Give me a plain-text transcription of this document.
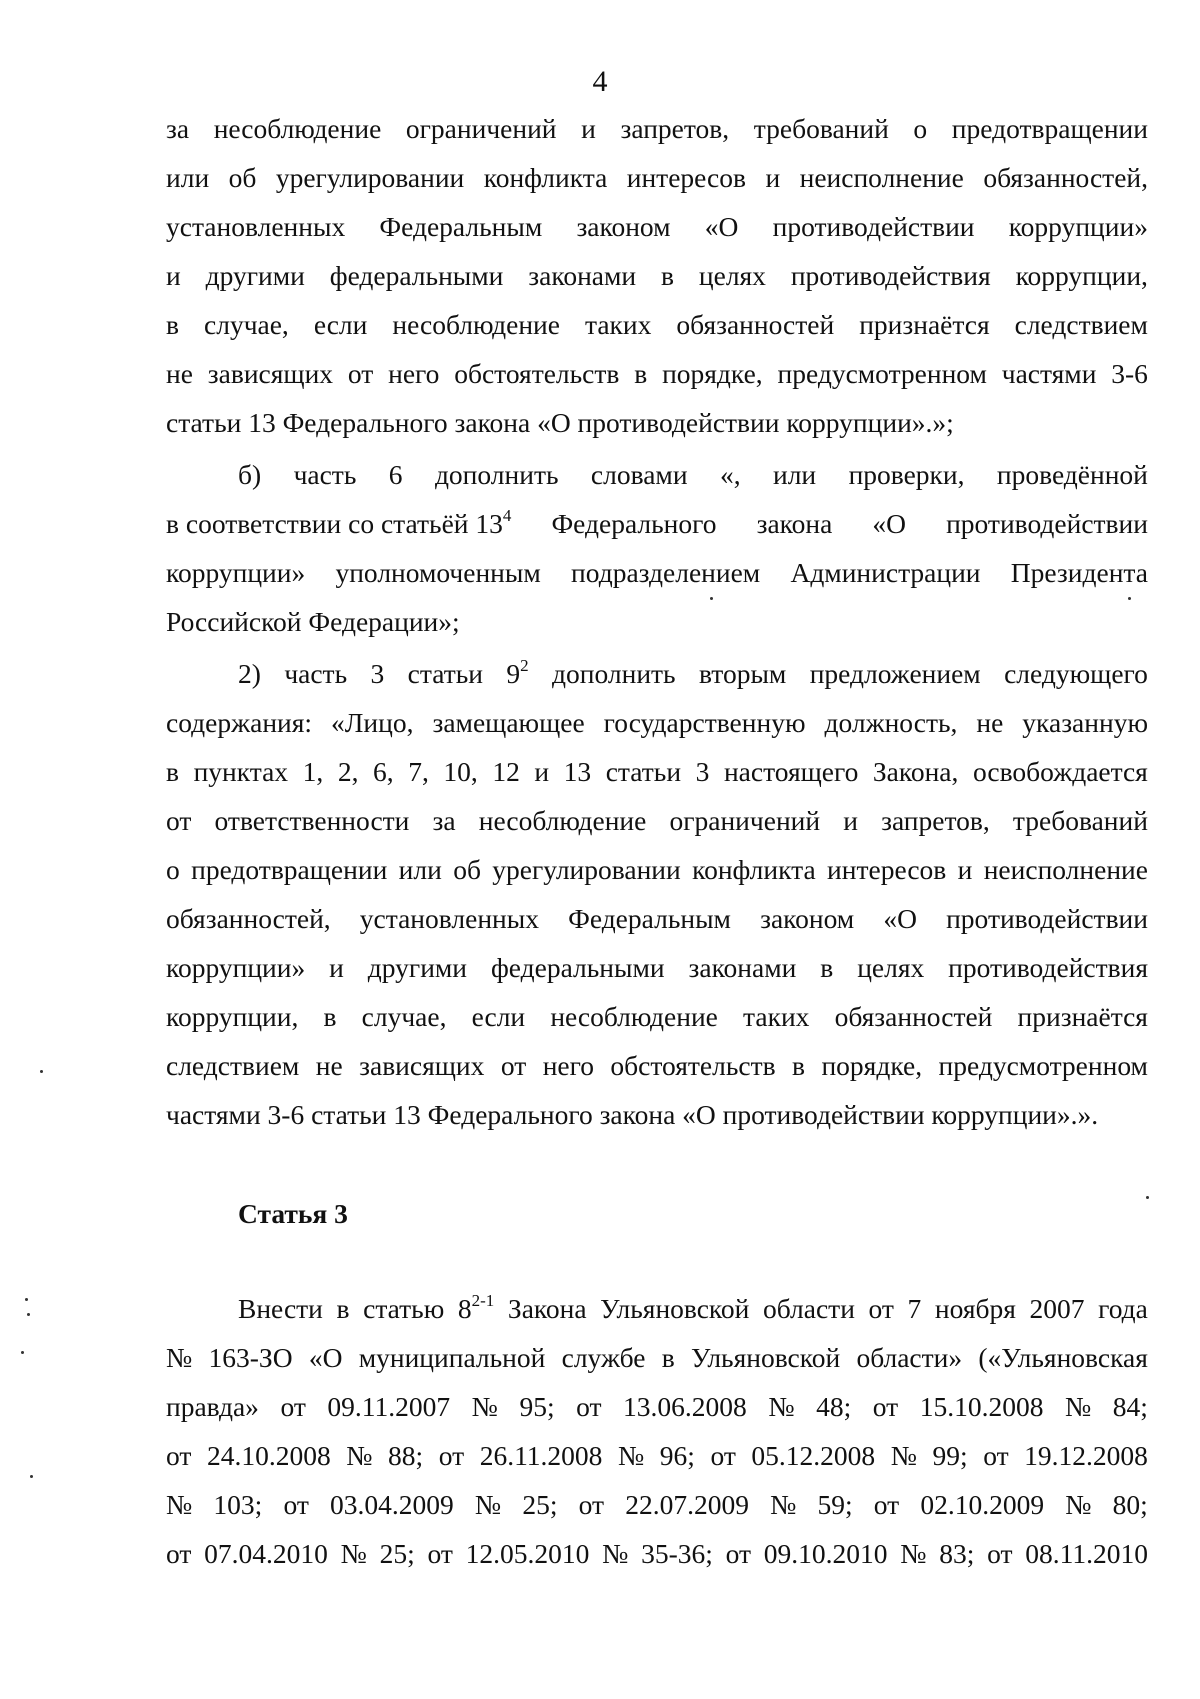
4
за несоблюдение ограничений и запретов, требований о предотвращении
или об урегулировании конфликта интересов и неисполнение обязанностей,
установленных Федеральным законом «О противодействии коррупции»
и другими федеральными законами в целях противодействия коррупции,
в случае, если несоблюдение таких обязанностей признаётся следствием
не зависящих от него обстоятельств в порядке, предусмотренном частями 3-6
статьи 13 Федерального закона «О противодействии коррупции».»;
б) часть 6 дополнить словами «, или проверки, проведённой
в соответствии со статьёй $13^4$ Федерального закона «О противодействии
коррупции» уполномоченным подразделением Администрации Президента
Российской Федерации»;
2) часть 3 статьи $9^2$ дополнить вторым предложением следующего
содержания: «Лицо, замещающее государственную должность, не указанную
в пунктах 1, 2, 6, 7, 10, 12 и 13 статьи 3 настоящего Закона, освобождается
от ответственности за несоблюдение ограничений и запретов, требований
о предотвращении или об урегулировании конфликта интересов и неисполнение
обязанностей, установленных Федеральным законом «О противодействии
коррупции» и другими федеральными законами в целях противодействия
коррупции, в случае, если несоблюдение таких обязанностей признаётся
следствием не зависящих от него обстоятельств в порядке, предусмотренном
частями 3-6 статьи 13 Федерального закона «О противодействии коррупции».».
Статья 3
Внести в статью 8$^{2-1}$ Закона Ульяновской области от 7 ноября 2007 года
№ 163-ЗО «О муниципальной службе в Ульяновской области» («Ульяновская
правда» от 09.11.2007 № 95; от 13.06.2008 № 48; от 15.10.2008 № 84;
от 24.10.2008 № 88; от 26.11.2008 № 96; от 05.12.2008 № 99; от 19.12.2008
№ 103; от 03.04.2009 № 25; от 22.07.2009 № 59; от 02.10.2009 № 80;
от 07.04.2010 № 25; от 12.05.2010 № 35-36; от 09.10.2010 № 83; от 08.11.2010
